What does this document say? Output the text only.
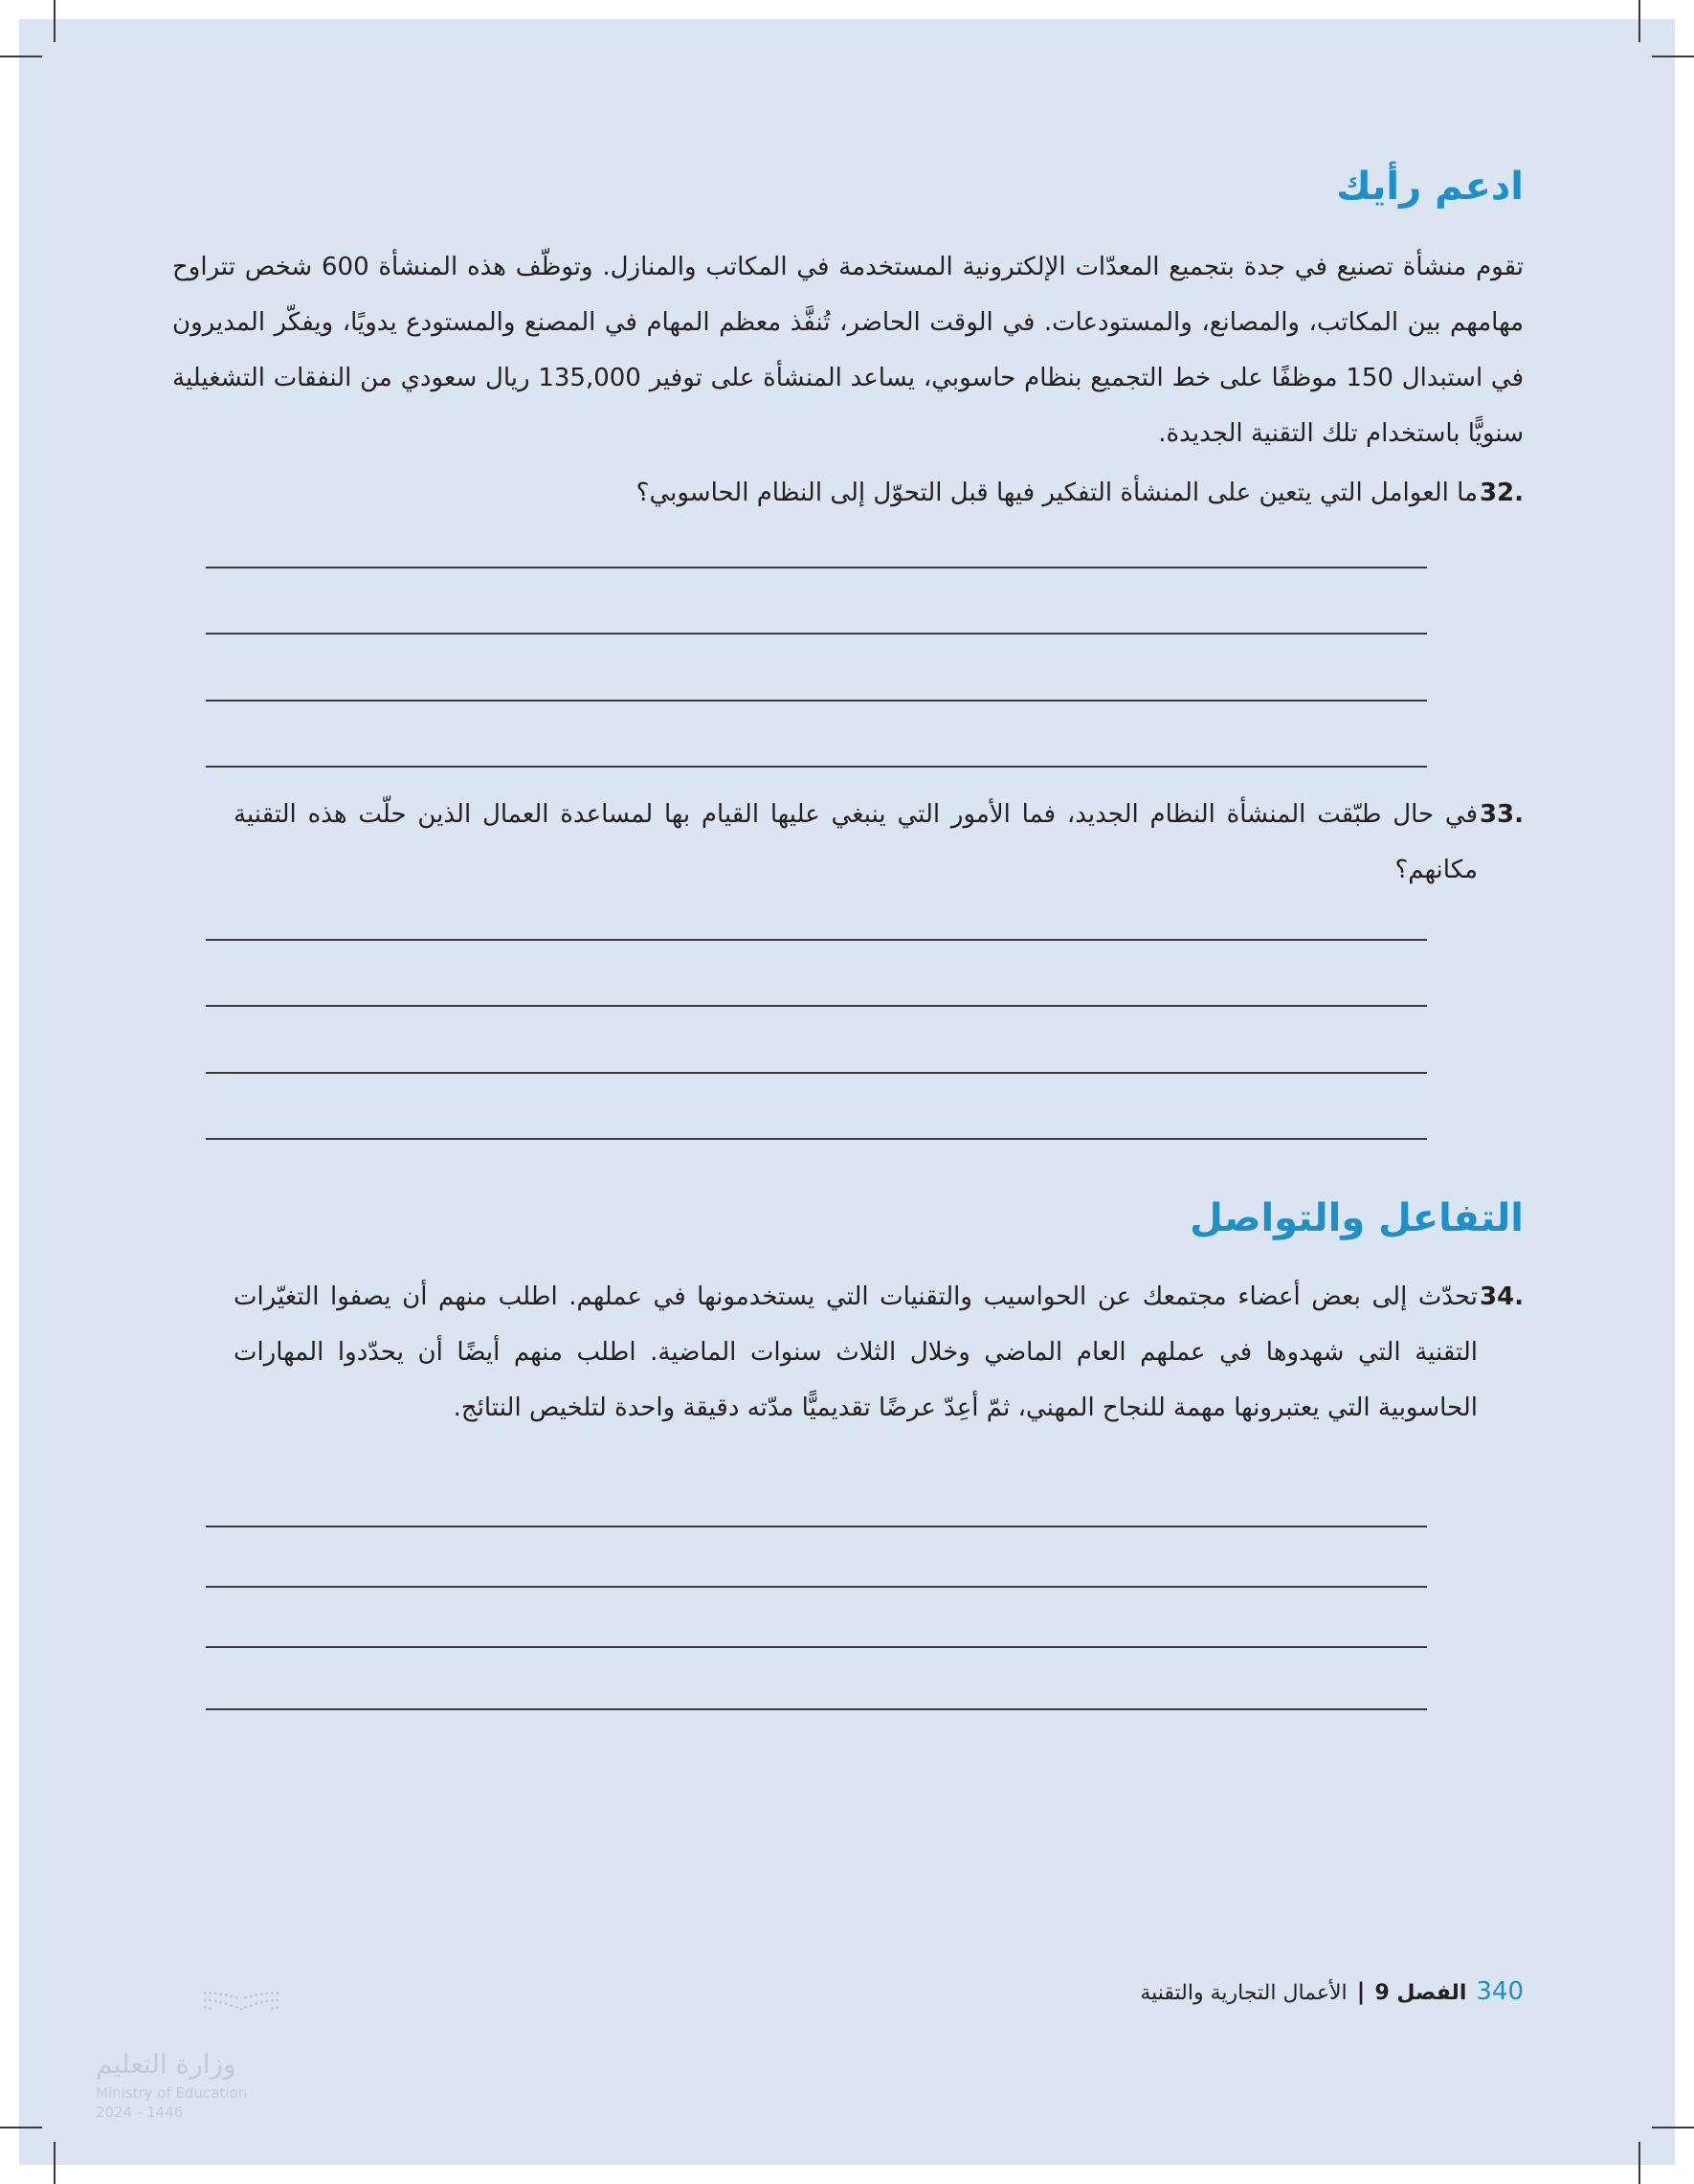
ادعم رأيك

تقوم منشأة تصنيع في جدة بتجميع المعدّات الإلكترونية المستخدمة في المكاتب والمنازل. وتوظّف هذه المنشأة 600 شخص تتراوح مهامهم بين المكاتب، والمصانع، والمستودعات. في الوقت الحاضر، تُنفَّذ معظم المهام في المصنع والمستودع يدويًا، ويفكّر المديرون في استبدال 150 موظفًا على خط التجميع بنظام حاسوبي، يساعد المنشأة على توفير 135,000 ريال سعودي من النفقات التشغيلية سنويًّا باستخدام تلك التقنية الجديدة.

32.

ما العوامل التي يتعين على المنشأة التفكير فيها قبل التحوّل إلى النظام الحاسوبي؟

33.

في حال طبّقت المنشأة النظام الجديد، فما الأمور التي ينبغي عليها القيام بها لمساعدة العمال الذين حلّت هذه التقنية مكانهم؟

التفاعل والتواصل
34.

تحدّث إلى بعض أعضاء مجتمعك عن الحواسيب والتقنيات التي يستخدمونها في عملهم. اطلب منهم أن يصفوا التغيّرات التقنية التي شهدوها في عملهم العام الماضي وخلال الثلاث سنوات الماضية. اطلب منهم أيضًا أن يحدّدوا المهارات الحاسوبية التي يعتبرونها مهمة للنجاح المهني، ثمّ أعِدّ عرضًا تقديميًّا مدّته دقيقة واحدة لتلخيص النتائج.

340
الفصل 9
|
الأعمال التجارية والتقنية
وزارة التعليم
Ministry of Education
2024 - 1446
